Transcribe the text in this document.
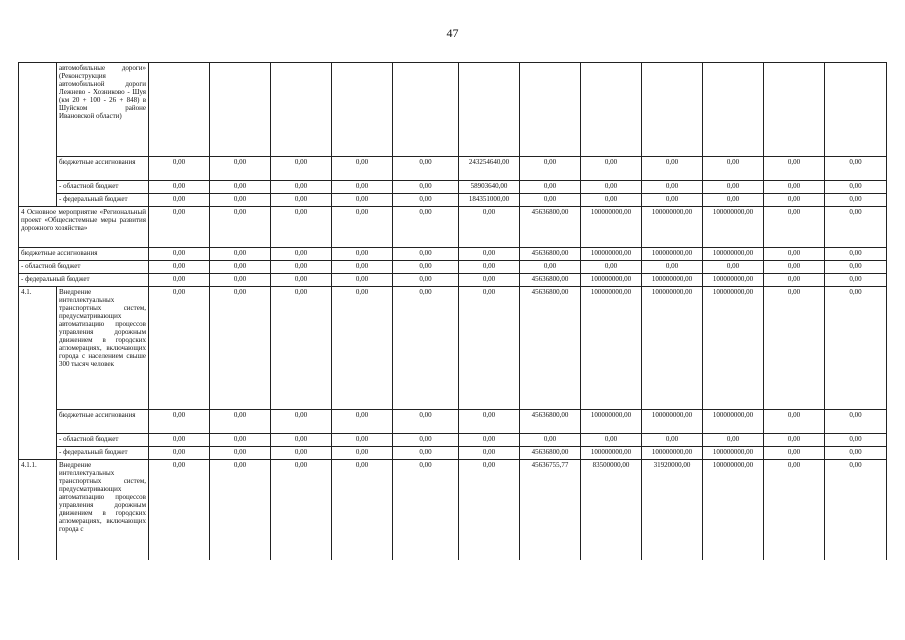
47
	автомобильные дороги» (Реконструкция автомобильной дороги Лежнево - Хозниково - Шуя (км 20 + 100 - 26 + 848) в Шуйском районе Ивановской области)												
	бюджетные ассигнования	0,00	0,00	0,00	0,00	0,00	243254640,00	0,00	0,00	0,00	0,00	0,00	0,00
	- областной бюджет	0,00	0,00	0,00	0,00	0,00	58903640,00	0,00	0,00	0,00	0,00	0,00	0,00
	- федеральный бюджет	0,00	0,00	0,00	0,00	0,00	184351000,00	0,00	0,00	0,00	0,00	0,00	0,00
4 Основное мероприятие «Региональный проект «Общесистемные меры развития дорожного хозяйства»		0,00	0,00	0,00	0,00	0,00	0,00	45636800,00	100000000,00	100000000,00	100000000,00	0,00	0,00
бюджетные ассигнования		0,00	0,00	0,00	0,00	0,00	0,00	45636800,00	100000000,00	100000000,00	100000000,00	0,00	0,00
- областной бюджет		0,00	0,00	0,00	0,00	0,00	0,00	0,00	0,00	0,00	0,00	0,00	0,00
- федеральный бюджет		0,00	0,00	0,00	0,00	0,00	0,00	45636800,00	100000000,00	100000000,00	100000000,00	0,00	0,00
4.1.	Внедрение интеллектуальных транспортных систем, предусматривающих автоматизацию процессов управления дорожным движением в городских агломерациях, включающих города с населением свыше 300 тысяч человек	0,00	0,00	0,00	0,00	0,00	0,00	45636800,00	100000000,00	100000000,00	100000000,00	0,00	0,00
	бюджетные ассигнования	0,00	0,00	0,00	0,00	0,00	0,00	45636800,00	100000000,00	100000000,00	100000000,00	0,00	0,00
	- областной бюджет	0,00	0,00	0,00	0,00	0,00	0,00	0,00	0,00	0,00	0,00	0,00	0,00
	- федеральный бюджет	0,00	0,00	0,00	0,00	0,00	0,00	45636800,00	100000000,00	100000000,00	100000000,00	0,00	0,00
4.1.1.	Внедрение интеллектуальных транспортных систем, предусматривающих автоматизацию процессов управления дорожным движением в городских агломерациях, включающих города с	0,00	0,00	0,00	0,00	0,00	0,00	45636755,77	83500000,00	31920000,00	100000000,00	0,00	0,00
